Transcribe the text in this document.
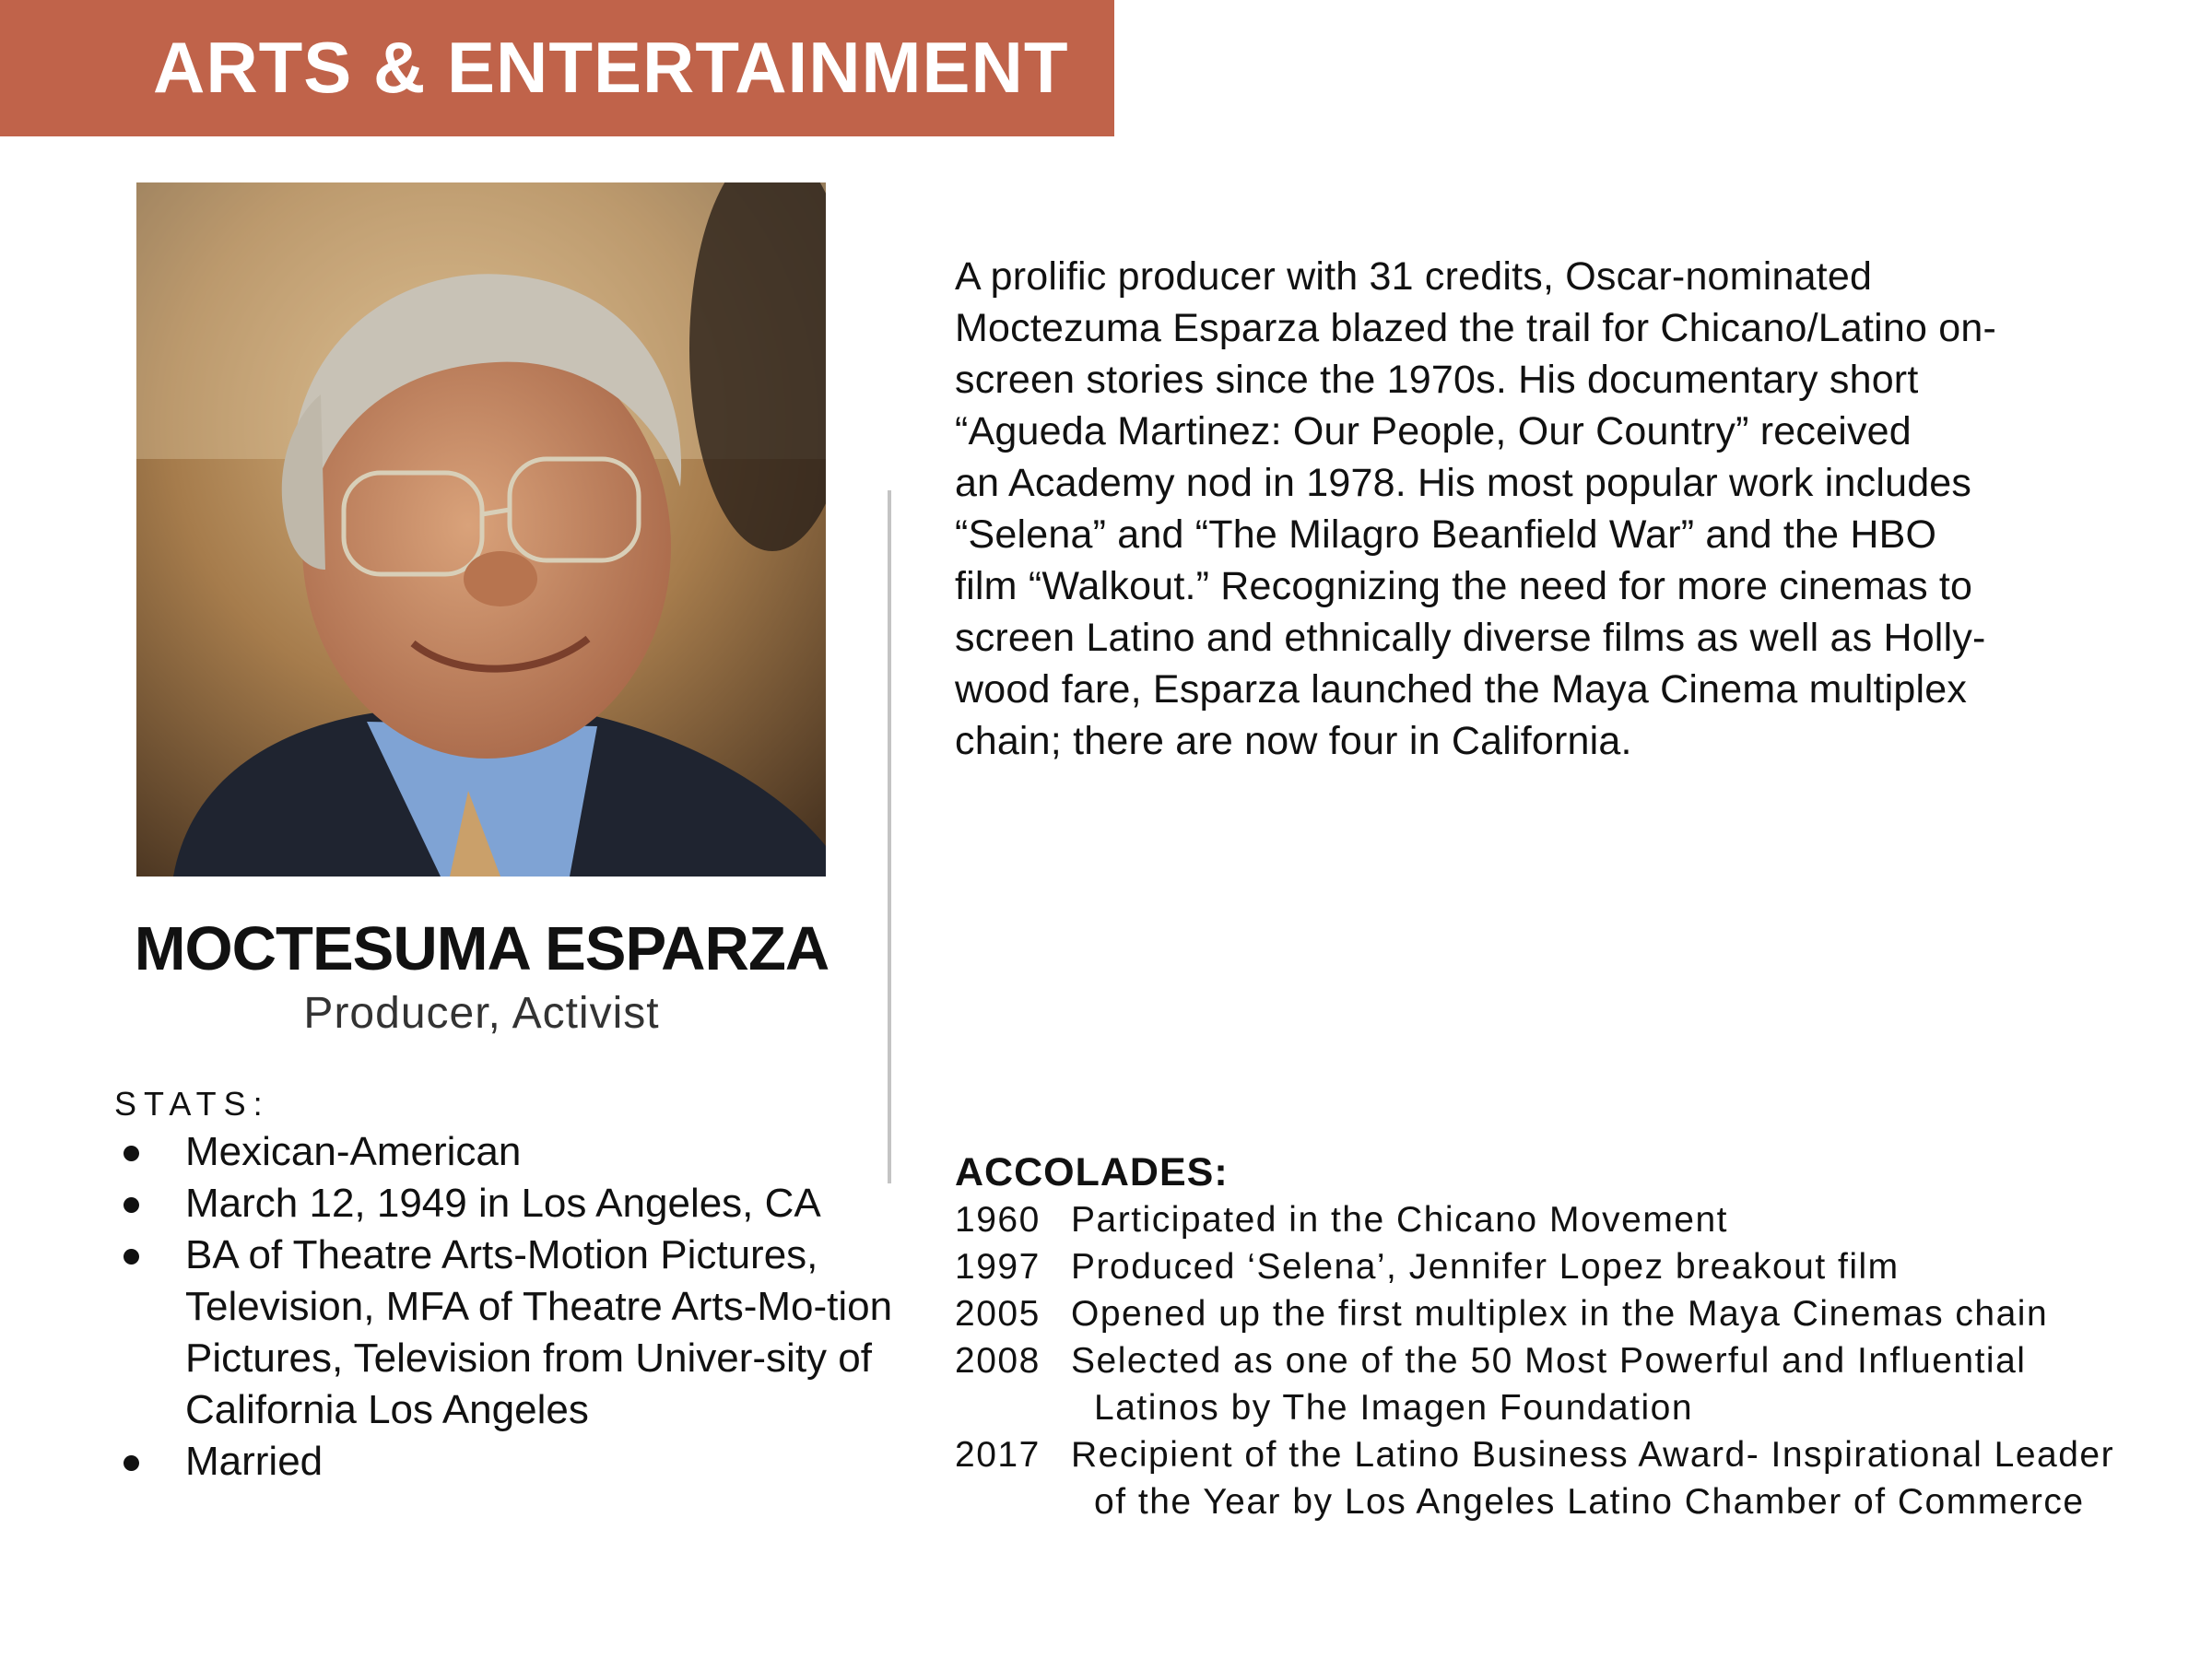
ARTS & ENTERTAINMENT
MOCTESUMA ESPARZA
Producer, Activist
STATS:
Mexican-American
March 12, 1949 in Los Angeles, CA
BA of Theatre Arts-Motion Pictures, Television, MFA of Theatre Arts-Mo-tion Pictures, Television from Univer-sity of California Los Angeles
Married

A prolific producer with 31 credits, Oscar-nominated
Moctezuma Esparza blazed the trail for Chicano/Latino on-
screen stories since the 1970s. His documentary short
“Agueda Martinez: Our People, Our Country” received
an Academy nod in 1978. His most popular work includes
“Selena” and “The Milagro Beanfield War” and the HBO
film “Walkout.” Recognizing the need for more cinemas to
screen Latino and ethnically diverse films as well as Holly-
wood fare, Esparza launched the Maya Cinema multiplex
chain; there are now four in California.

ACCOLADES:
1960 Participated in the Chicano Movement
1997 Produced ‘Selena’, Jennifer Lopez breakout film
2005 Opened up the first multiplex in the Maya Cinemas chain
2008 Selected as one of the 50 Most Powerful and Influential
Latinos by The Imagen Foundation
2017 Recipient of the Latino Business Award- Inspirational Leader
of the Year by Los Angeles Latino Chamber of Commerce
